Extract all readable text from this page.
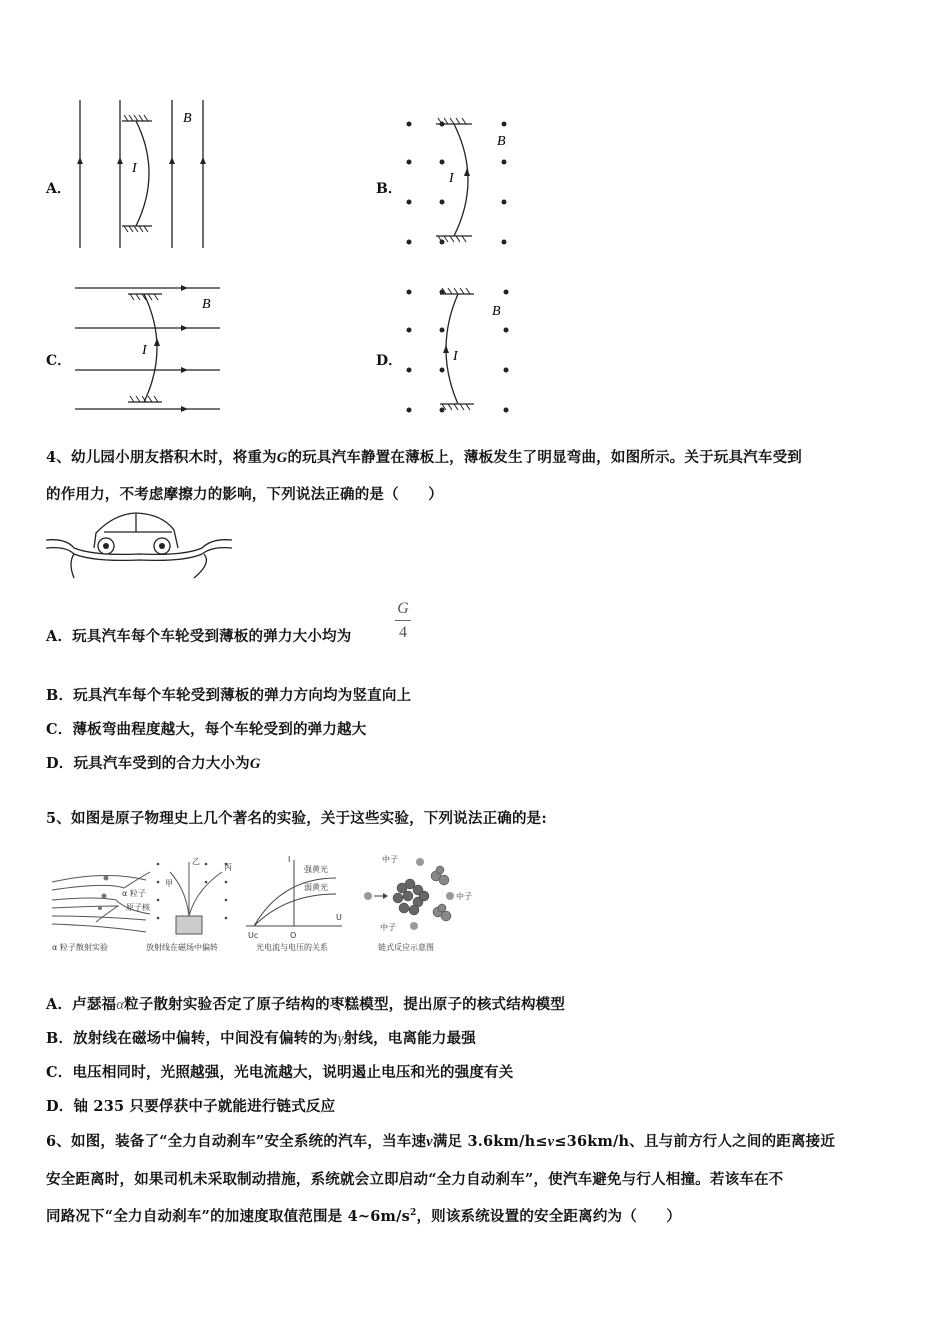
A．
I
B
B．
I
B
C．
I
B
D．	I
B
4、幼儿园小朋友搭积木时，将重为G的玩具汽车静置在薄板上，薄板发生了明显弯曲，如图所示。关于玩具汽车受到
的作用力，不考虑摩擦力的影响，下列说法正确的是（　　）
A．玩具汽车每个车轮受到薄板的弹力大小均为
G
4
B．玩具汽车每个车轮受到薄板的弹力方向均为竖直向上
C．薄板弯曲程度越大，每个车轮受到的弹力越大
D．玩具汽车受到的合力大小为G
5、如图是原子物理史上几个著名的实验，关于这些实验，下列说法正确的是:
α 粒子
原子核
α 粒子散射实验
甲
乙
丙
放射线在磁场中偏转
I
强黄光
弱黄光
U
Uc	O
光电流与电压的关系
中子
中子
中子
链式反应示意图
A．卢瑟福α粒子散射实验否定了原子结构的枣糕模型，提出原子的核式结构模型
B．放射线在磁场中偏转，中间没有偏转的为γ射线，电离能力最强
C．电压相同时，光照越强，光电流越大，说明遏止电压和光的强度有关
D．铀 235 只要俘获中子就能进行链式反应
6、如图，装备了“全力自动刹车”安全系统的汽车，当车速v满足 3.6km/h≤v≤36km/h、且与前方行人之间的距离接近
安全距离时，如果司机未采取制动措施，系统就会立即启动“全力自动刹车”，使汽车避免与行人相撞。若该车在不
同路况下“全力自动刹车”的加速度取值范围是 $4\sim 6m/s^2$，则该系统设置的安全距离约为（　　）
